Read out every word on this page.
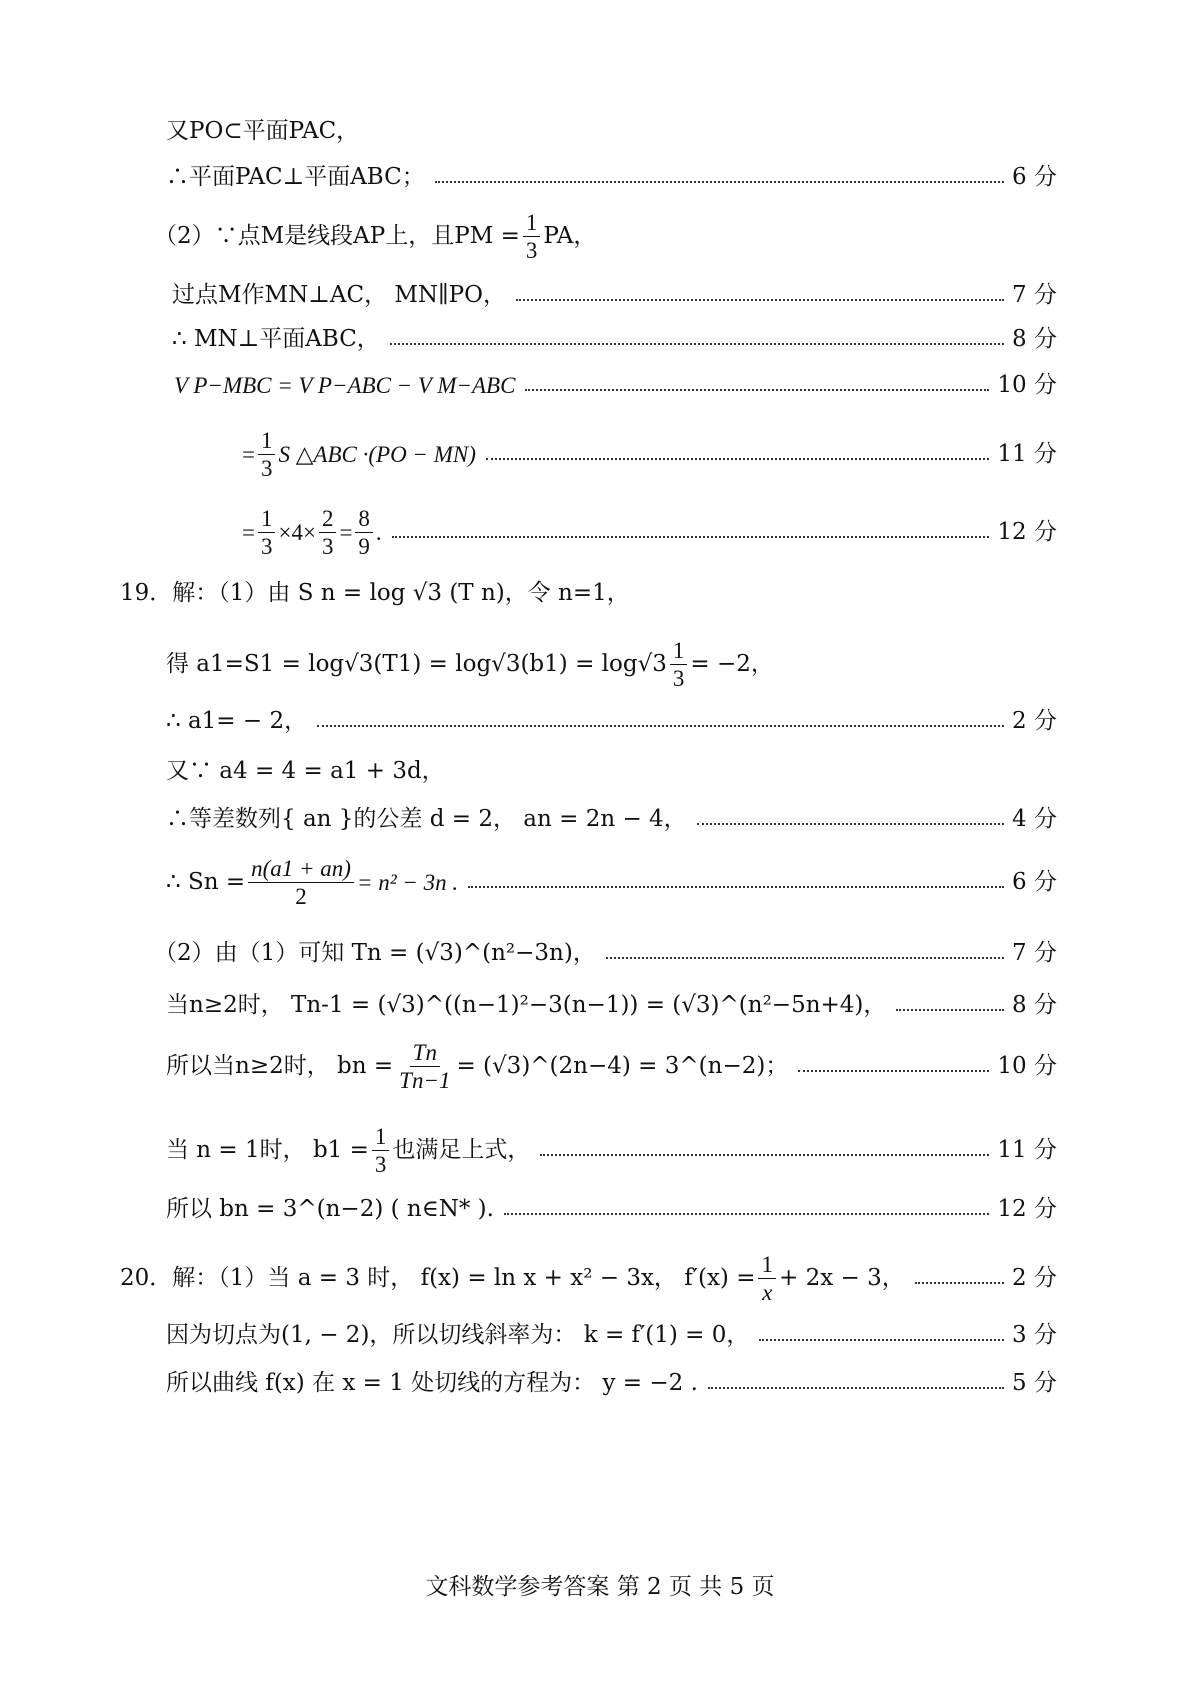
又PO⊂平面PAC，
∴平面PAC⊥平面ABC；	6 分
（2）∵点M是线段AP上，且PM = $\frac{1}{3}$ PA，
过点M作MN⊥AC， MN∥PO，	7 分
∴ MN⊥平面ABC，	8 分
V P−MBC = V P−ABC − V M−ABC	10 分
= $\frac{1}{3}$ S △ABC ·(PO − MN)	11 分
= $\frac{1}{3} \times 4\times \frac{2}{3} = \frac{8}{9}$ .	12 分
19．解：（1）由 S n = log √3 (T n)，令 n=1，
得 $a1=S1 = \log√3(T1) = \log√3(b1) = \log√3 \frac{1}{3} = -2$，
∴ a1= − 2，	2 分
又∵ a4 = 4 = a1 + 3d，
∴等差数列{ an }的公差 d = 2， an = 2n − 4，	4 分
∴ $Sn = \frac{n(a1 + an)}{2} = n^2 - 3n$ .	6 分
（2）由（1）可知 Tn = (√3)^(n²−3n)，	7 分
当n≥2时， Tn-1 = (√3)^((n−1)²−3(n−1)) = (√3)^(n²−5n+4)，	8 分
所以当n≥2时， bn = $\frac{Tn}{Tn-1}$ = (√3)^(2n−4) = 3^(n−2)；	10 分
当 n = 1时， $b1 = \frac{1}{3}$ 也满足上式，	11 分
所以 bn = 3^(n−2) ( n∈N* ).	12 分
20．解：（1）当 a = 3 时， f(x) = ln x + x² − 3x， $f'(x) = \frac{1}{x} + 2x - 3$，	2 分
因为切点为(1, − 2)，所以切线斜率为： k = f′(1) = 0，	3 分
所以曲线 f(x) 在 x = 1 处切线的方程为： y = −2 .	5 分
文科数学参考答案 第 2 页 共 5 页
